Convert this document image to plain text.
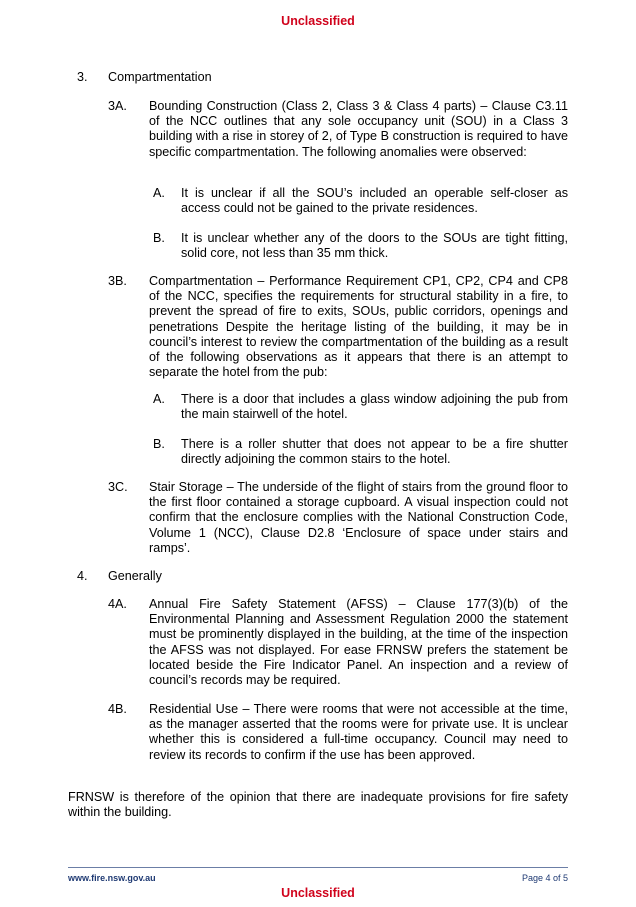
Unclassified
3. Compartmentation
3A. Bounding Construction (Class 2, Class 3 & Class 4 parts) – Clause C3.11 of the NCC outlines that any sole occupancy unit (SOU) in a Class 3 building with a rise in storey of 2, of Type B construction is required to have specific compartmentation. The following anomalies were observed:
A. It is unclear if all the SOU’s included an operable self-closer as access could not be gained to the private residences.
B. It is unclear whether any of the doors to the SOUs are tight fitting, solid core, not less than 35 mm thick.
3B. Compartmentation – Performance Requirement CP1, CP2, CP4 and CP8 of the NCC, specifies the requirements for structural stability in a fire, to prevent the spread of fire to exits, SOUs, public corridors, openings and penetrations Despite the heritage listing of the building, it may be in council’s interest to review the compartmentation of the building as a result of the following observations as it appears that there is an attempt to separate the hotel from the pub:
A. There is a door that includes a glass window adjoining the pub from the main stairwell of the hotel.
B. There is a roller shutter that does not appear to be a fire shutter directly adjoining the common stairs to the hotel.
3C. Stair Storage – The underside of the flight of stairs from the ground floor to the first floor contained a storage cupboard. A visual inspection could not confirm that the enclosure complies with the National Construction Code, Volume 1 (NCC), Clause D2.8 ‘Enclosure of space under stairs and ramps’.
4. Generally
4A. Annual Fire Safety Statement (AFSS) – Clause 177(3)(b) of the Environmental Planning and Assessment Regulation 2000 the statement must be prominently displayed in the building, at the time of the inspection the AFSS was not displayed. For ease FRNSW prefers the statement be located beside the Fire Indicator Panel. An inspection and a review of council’s records may be required.
4B. Residential Use – There were rooms that were not accessible at the time, as the manager asserted that the rooms were for private use. It is unclear whether this is considered a full-time occupancy. Council may need to review its records to confirm if the use has been approved.
FRNSW is therefore of the opinion that there are inadequate provisions for fire safety within the building.
www.fire.nsw.gov.au	Page 4 of 5
Unclassified
